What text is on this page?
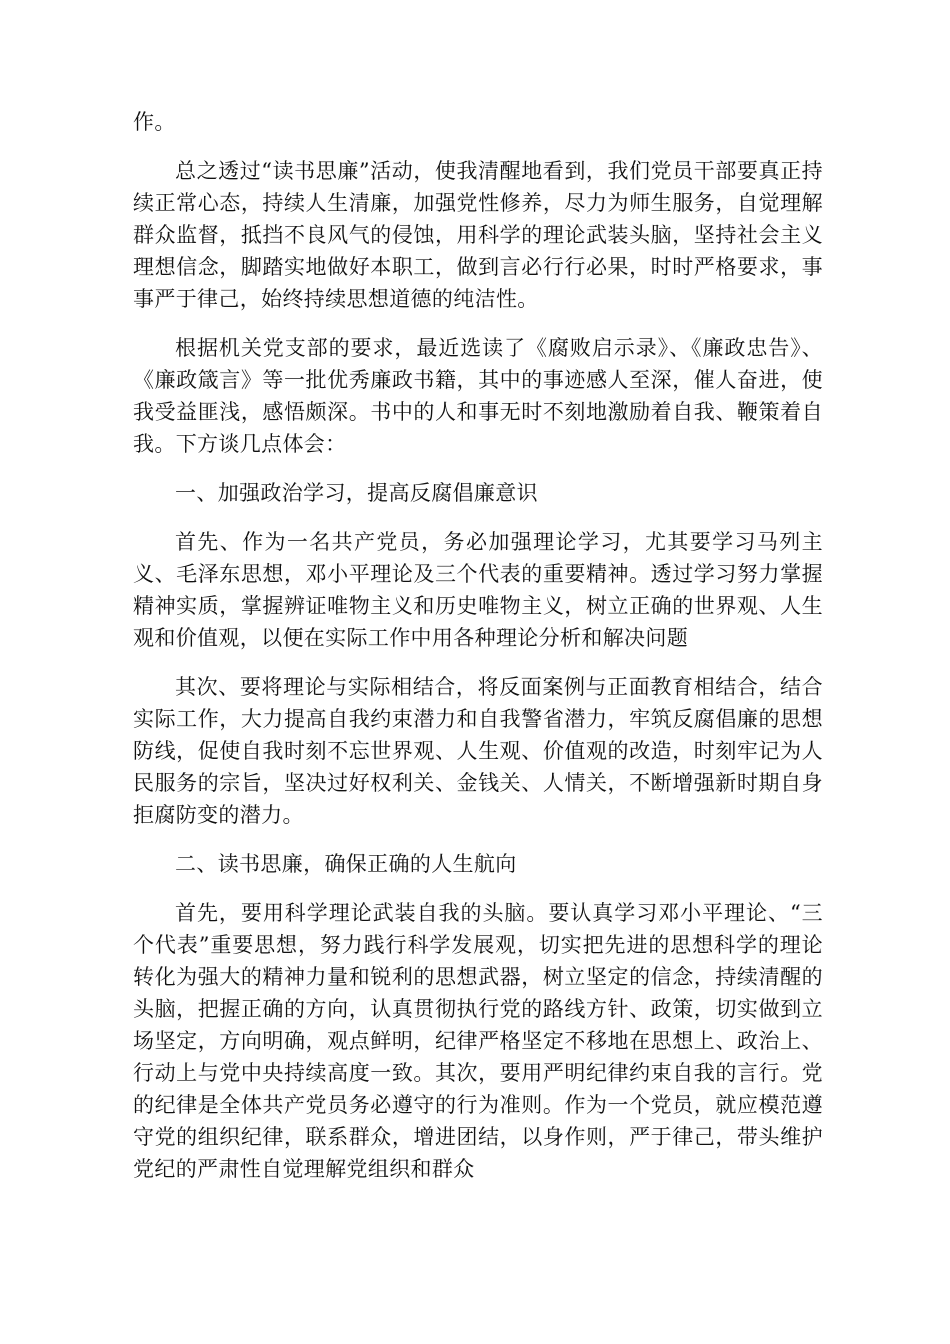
作。

总之透过“读书思廉”活动，使我清醒地看到，我们党员干部要真正持续正常心态，持续人生清廉，加强党性修养，尽力为师生服务，自觉理解群众监督，抵挡不良风气的侵蚀，用科学的理论武装头脑，坚持社会主义理想信念，脚踏实地做好本职工，做到言必行行必果，时时严格要求，事事严于律己，始终持续思想道德的纯洁性。

根据机关党支部的要求，最近选读了《腐败启示录》、《廉政忠告》、《廉政箴言》等一批优秀廉政书籍，其中的事迹感人至深，催人奋进，使我受益匪浅，感悟颇深。书中的人和事无时不刻地激励着自我、鞭策着自我。下方谈几点体会：

一、加强政治学习，提高反腐倡廉意识

首先、作为一名共产党员，务必加强理论学习，尤其要学习马列主义、毛泽东思想，邓小平理论及三个代表的重要精神。透过学习努力掌握精神实质，掌握辨证唯物主义和历史唯物主义，树立正确的世界观、人生观和价值观，以便在实际工作中用各种理论分析和解决问题

其次、要将理论与实际相结合，将反面案例与正面教育相结合，结合实际工作，大力提高自我约束潜力和自我警省潜力，牢筑反腐倡廉的思想防线，促使自我时刻不忘世界观、人生观、价值观的改造，时刻牢记为人民服务的宗旨，坚决过好权利关、金钱关、人情关，不断增强新时期自身拒腐防变的潜力。

二、读书思廉，确保正确的人生航向

首先，要用科学理论武装自我的头脑。要认真学习邓小平理论、“三个代表”重要思想，努力践行科学发展观，切实把先进的思想科学的理论转化为强大的精神力量和锐利的思想武器，树立坚定的信念，持续清醒的头脑，把握正确的方向，认真贯彻执行党的路线方针、政策，切实做到立场坚定，方向明确，观点鲜明，纪律严格坚定不移地在思想上、政治上、行动上与党中央持续高度一致。其次，要用严明纪律约束自我的言行。党的纪律是全体共产党员务必遵守的行为准则。作为一个党员，就应模范遵守党的组织纪律，联系群众，增进团结，以身作则，严于律己，带头维护党纪的严肃性自觉理解党组织和群众
